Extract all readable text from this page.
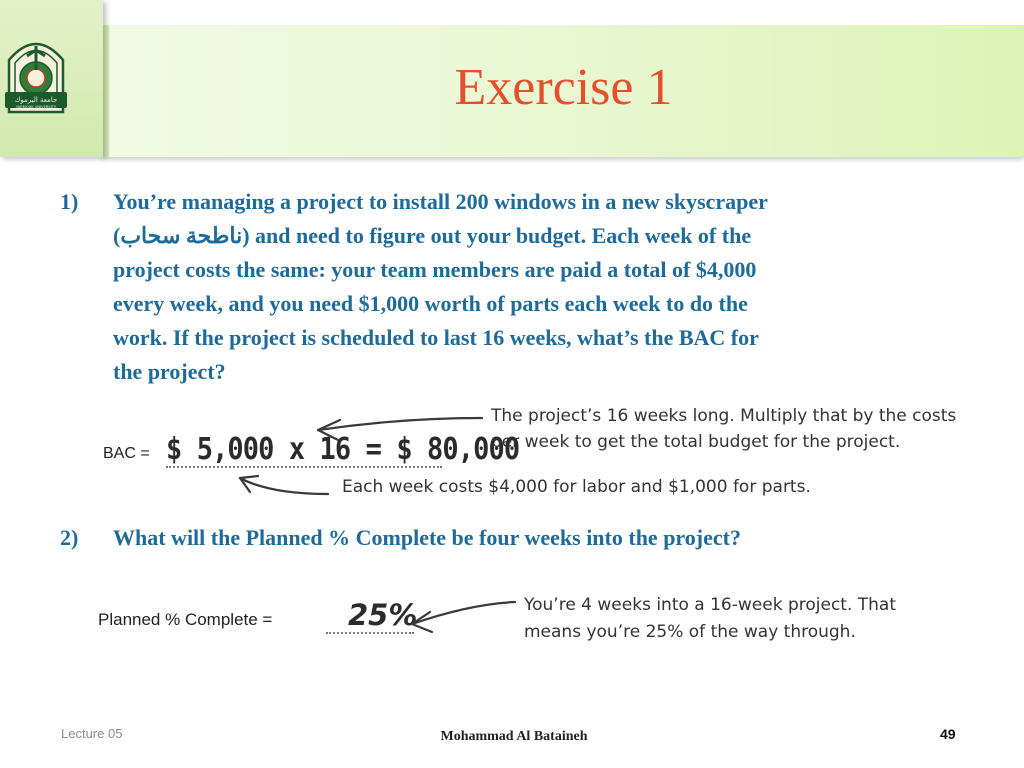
جامعة اليرموك
YARMOUK UNIVERSITY	Exercise 1
1)	You’re managing a project to install 200 windows in a new skyscraper
(ناطحة سحاب) and need to figure out your budget. Each week of the
project costs the same: your team members are paid a total of $4,000
every week, and you need $1,000 worth of parts each week to do the
work. If the project is scheduled to last 16 weeks, what’s the BAC for
the project?
BAC = $ 5,000 x 16 = $ 80,000
The project’s 16 weeks long. Multiply that by the costs
per week to get the total budget for the project.
Each week costs $4,000 for labor and $1,000 for parts.
2)	What will the Planned % Complete be four weeks into the project?
Planned % Complete =	25%	You’re 4 weeks into a 16-week project. That
means you’re 25% of the way through.
Lecture 05	Mohammad Al Bataineh	49
